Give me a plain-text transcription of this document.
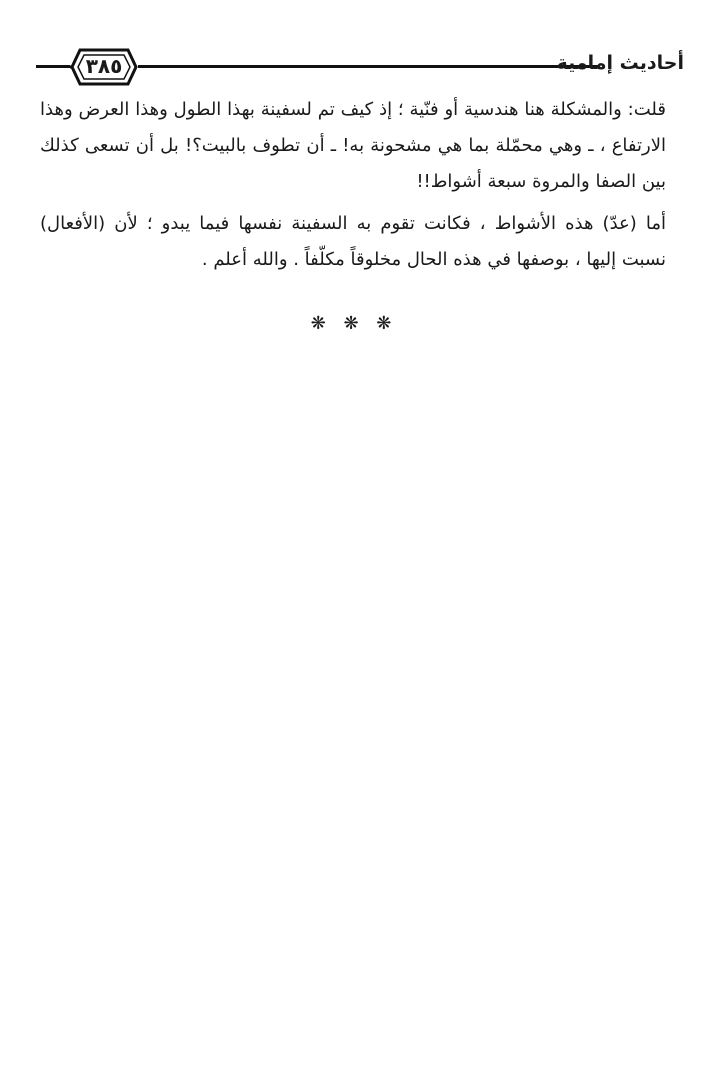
٣٨٥	أحاديث إمامية

قلت: والمشكلة هنا هندسية أو فنّية ؛ إذ كيف تم لسفينة بهذا الطول وهذا العرض وهذا الارتفاع ، ـ وهي محمّلة بما هي مشحونة به! ـ أن تطوف بالبيت؟! بل أن تسعى كذلك بين الصفا والمروة سبعة أشواط!!

أما (عدّ) هذه الأشواط ، فكانت تقوم به السفينة نفسها فيما يبدو ؛ لأن (الأفعال) نسبت إليها ، بوصفها في هذه الحال مخلوقاً مكلّفاً . والله أعلم .

❋ ❋ ❋
